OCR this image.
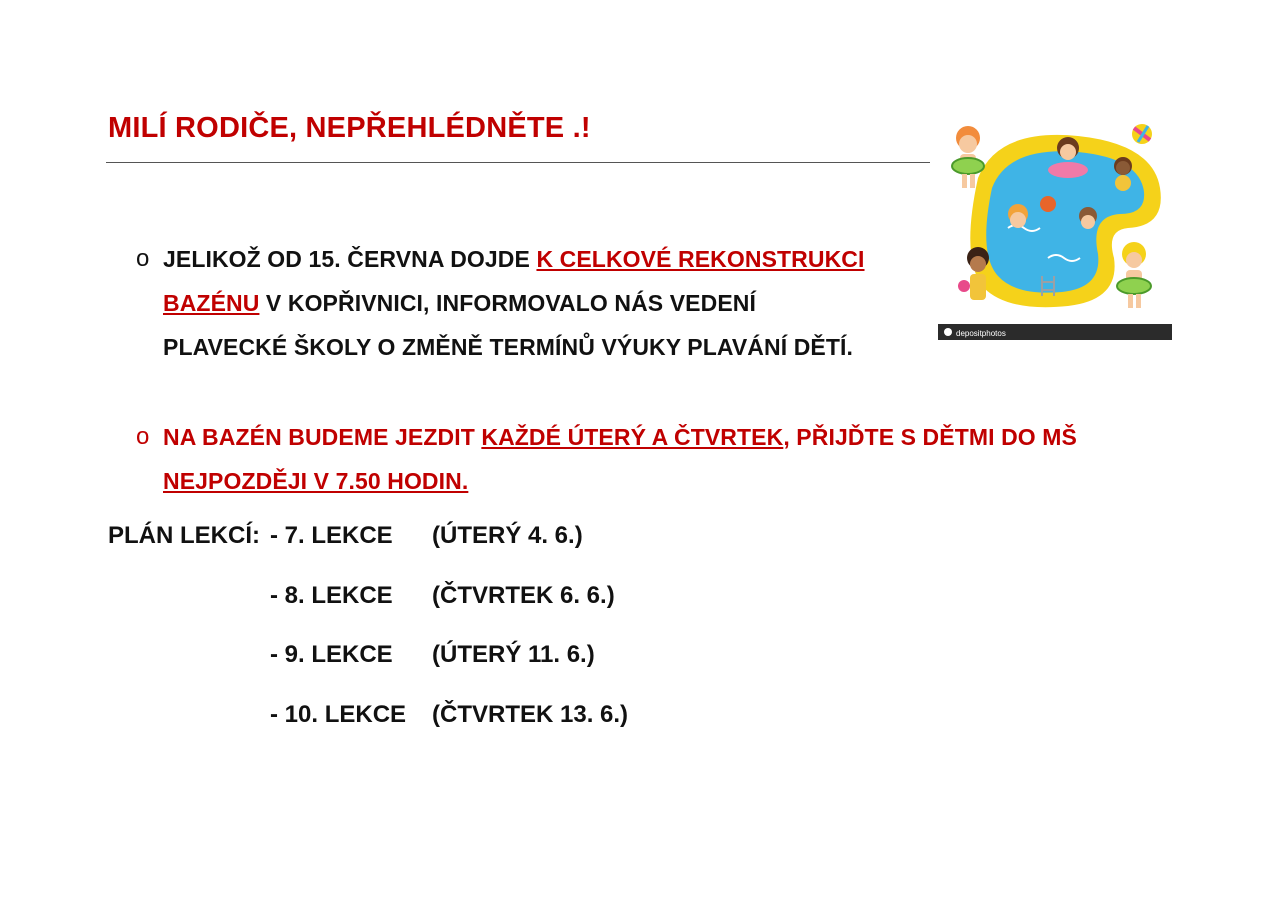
MILÍ RODIČE, NEPŘEHLÉDNĚTE .!
depositphotos
o JELIKOŽ OD 15. ČERVNA DOJDE K CELKOVÉ REKONSTRUKCI
BAZÉNU V KOPŘIVNICI, INFORMOVALO NÁS VEDENÍ
PLAVECKÉ ŠKOLY O ZMĚNĚ TERMÍNŮ VÝUKY PLAVÁNÍ DĚTÍ.
o NA BAZÉN BUDEME JEZDIT KAŽDÉ ÚTERÝ A ČTVRTEK, PŘIJĎTE S DĚTMI DO MŠ
NEJPOZDĚJI V 7.50 HODIN.
PLÁN LEKCÍ: - 7. LEKCE (ÚTERÝ 4. 6.)
- 8. LEKCE (ČTVRTEK 6. 6.)
- 9. LEKCE (ÚTERÝ 11. 6.)
- 10. LEKCE (ČTVRTEK 13. 6.)
